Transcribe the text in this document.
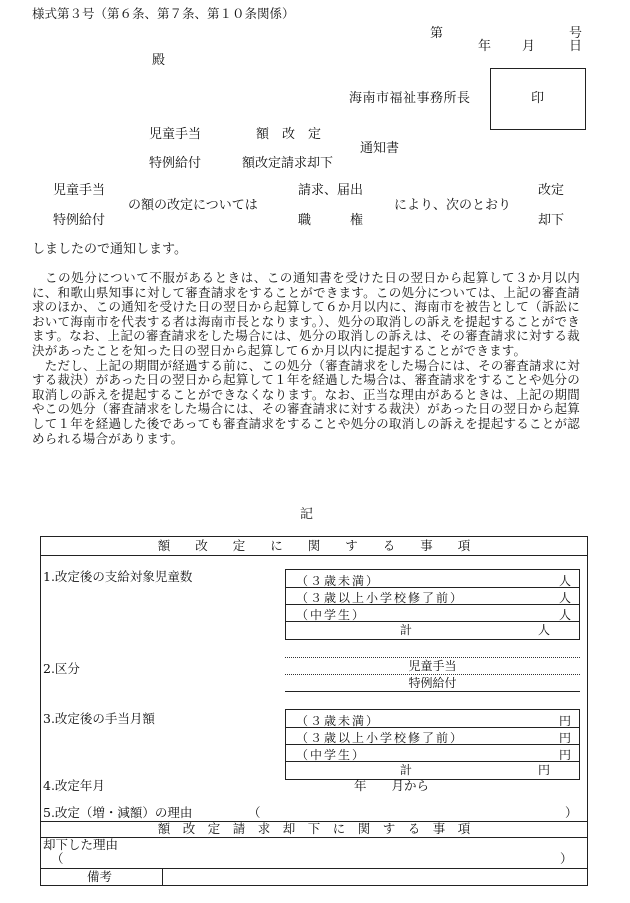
様式第３号（第６条、第７条、第１０条関係）
第	号
年 月	日
殿
海南市福祉事務所長	印
児童手当	額　改　定
通知書
特例給付	額改定請求却下
児童手当	請求、届出	改定
の額の改定については	により、次のとおり
特例給付	職　　　権	却下
しましたので通知します。

　この処分について不服があるときは、この通知書を受けた日の翌日から起算して３か月以内に、和歌山県知事に対して審査請求をすることができます。この処分については、上記の審査請求のほか、この通知を受けた日の翌日から起算して６か月以内に、海南市を被告として（訴訟において海南市を代表する者は海南市長となります。）、処分の取消しの訴えを提起することができます。なお、上記の審査請求をした場合には、処分の取消しの訴えは、その審査請求に対する裁決があったことを知った日の翌日から起算して６か月以内に提起することができます。

　ただし、上記の期間が経過する前に、この処分（審査請求をした場合には、その審査請求に対する裁決）があった日の翌日から起算して１年を経過した場合は、審査請求をすることや処分の取消しの訴えを提起することができなくなります。なお、正当な理由があるときは、上記の期間やこの処分（審査請求をした場合には、その審査請求に対する裁決）があった日の翌日から起算して１年を経過した後であっても審査請求をすることや処分の取消しの訴えを提起することが認められる場合があります。

記
額　　改　　定　　に　　関　　す　　る　　事　　項
1.改定後の支給対象児童数	（３歳未満）	人
（３歳以上小学校修了前）	人
（中学生）	人
計	人
2.区分	児童手当
特例給付
3.改定後の手当月額	（３歳未満）	円
（３歳以上小学校修了前）	円
（中学生）	円
計	円
4.改定年月	年　　月から
5.改定（増・減額）の理由	（	）
額　改　定　請　求　却　下　に　関　す　る　事　項
却下した理由
（	）
備考
